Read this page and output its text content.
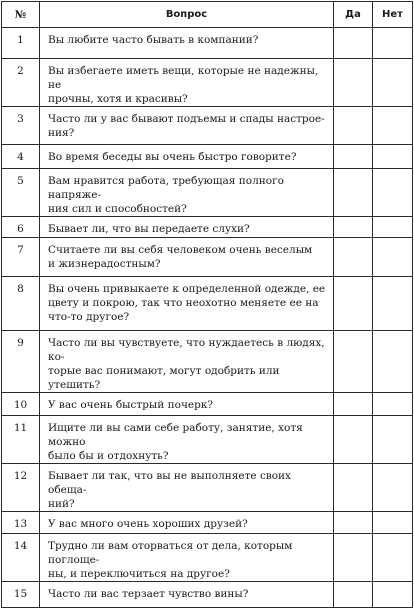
№	Вопрос	Да	Нет
1	Вы любите часто бывать в компании?		

2	Вы избегаете иметь вещи, которые не надежны, не
прочны, хотя и красивы?		

3	Часто ли у вас бывают подъемы и спады настрое-
ния?		

4	Во время беседы вы очень быстро говорите?		

5	Вам нравится работа, требующая полного напряже-
ния сил и способностей?		

6	Бывает ли, что вы передаете слухи?		

7	Считаете ли вы себя человеком очень веселым
и жизнерадостным?		

8	Вы очень привыкаете к определенной одежде, ее
цвету и покрою, так что неохотно меняете ее на
что-то другое?		

9	Часто ли вы чувствуете, что нуждаетесь в людях, ко-
торые вас понимают, могут одобрить или утешить?		

10	У вас очень быстрый почерк?		

11	Ищите ли вы сами себе работу, занятие, хотя можно
было бы и отдохнуть?		

12	Бывает ли так, что вы не выполняете своих обеща-
ний?		

13	У вас много очень хороших друзей?		

14	Трудно ли вам оторваться от дела, которым поглоще-
ны, и переключиться на другое?		

15	Часто ли вас терзает чувство вины?		
